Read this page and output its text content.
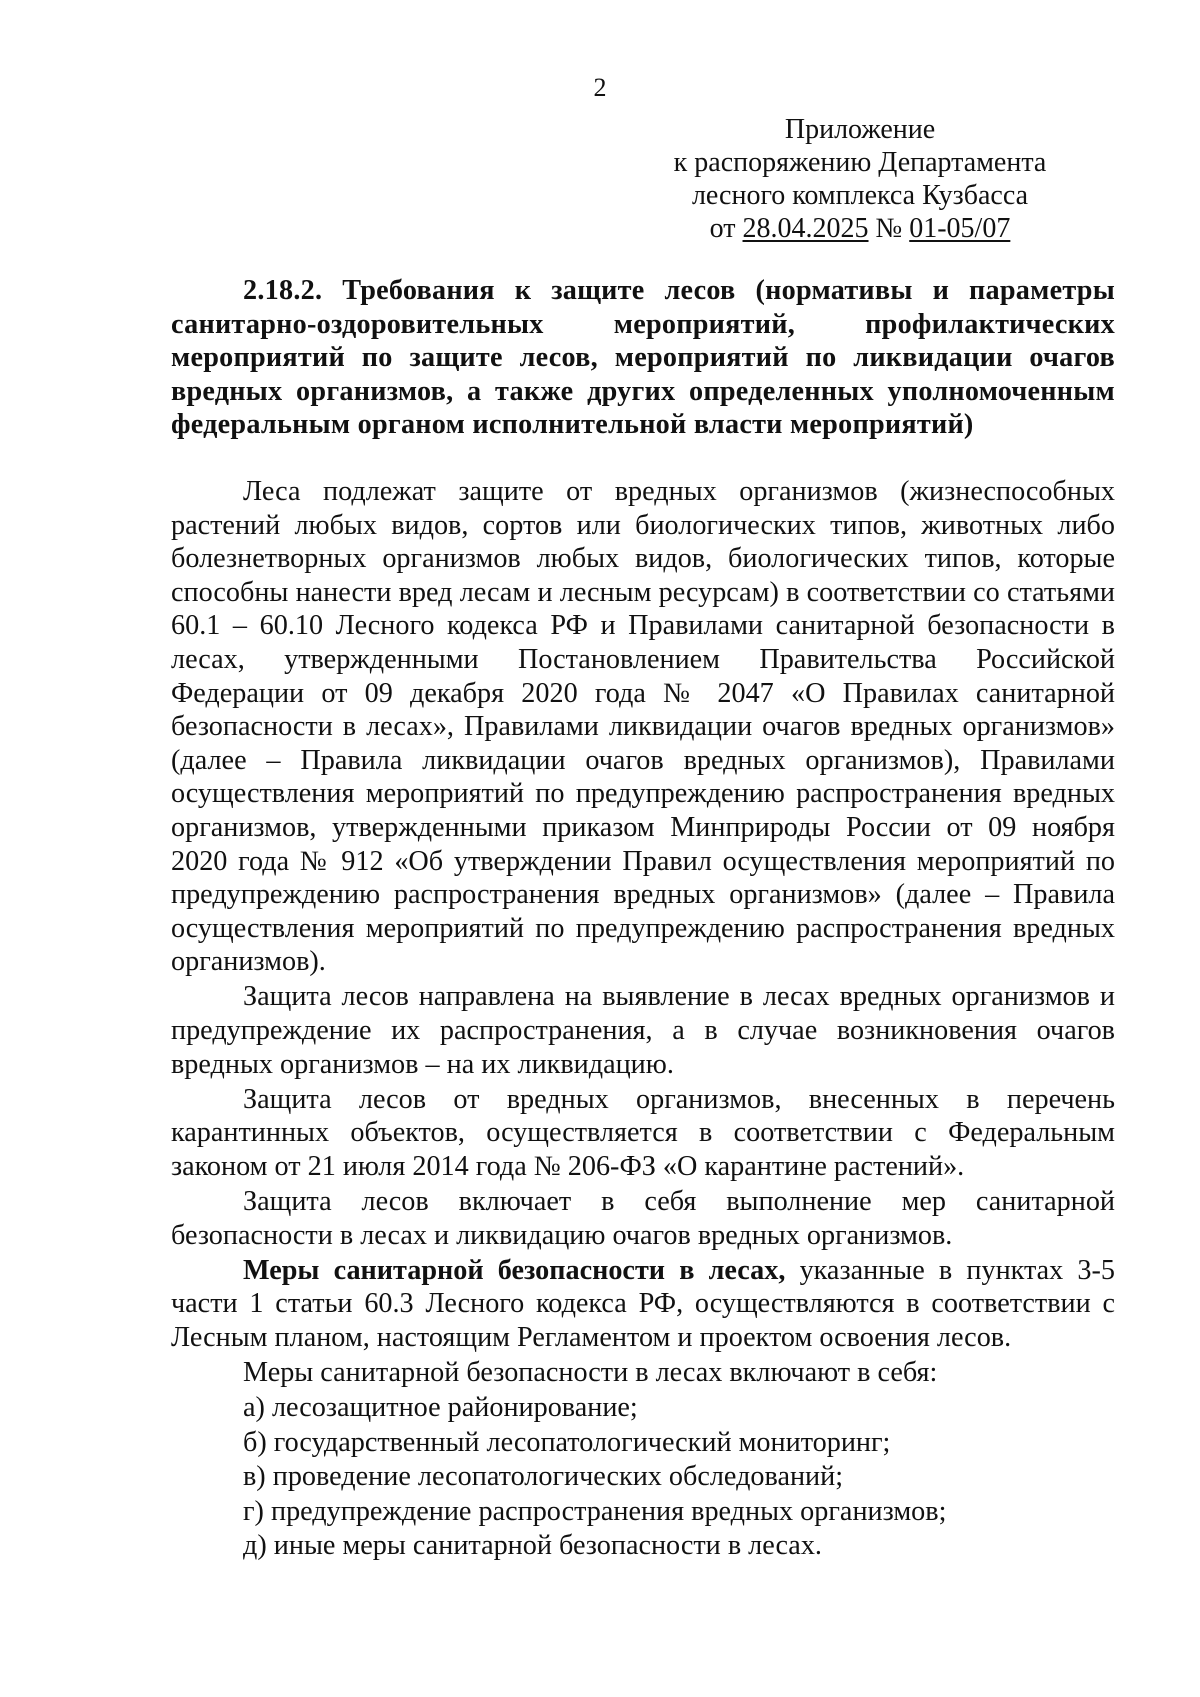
2
Приложение
к распоряжению Департамента
лесного комплекса Кузбасса
от 28.04.2025 № 01-05/07

2.18.2. Требования к защите лесов (нормативы и параметры санитарно-оздоровительных мероприятий, профилактических мероприятий по защите лесов, мероприятий по ликвидации очагов вредных организмов, а также других определенных уполномоченным федеральным органом исполнительной власти мероприятий)

Леса подлежат защите от вредных организмов (жизнеспособных растений любых видов, сортов или биологических типов, животных либо болезнетворных организмов любых видов, биологических типов, которые способны нанести вред лесам и лесным ресурсам) в соответствии со статьями 60.1 – 60.10 Лесного кодекса РФ и Правилами санитарной безопасности в лесах, утвержденными Постановлением Правительства Российской Федерации от 09 декабря 2020 года № 2047 «О Правилах санитарной безопасности в лесах», Правилами ликвидации очагов вредных организмов» (далее – Правила ликвидации очагов вредных организмов), Правилами осуществления мероприятий по предупреждению распространения вредных организмов, утвержденными приказом Минприроды России от 09 ноября 2020 года № 912 «Об утверждении Правил осуществления мероприятий по предупреждению распространения вредных организмов» (далее – Правила осуществления мероприятий по предупреждению распространения вредных организмов).

Защита лесов направлена на выявление в лесах вредных организмов и предупреждение их распространения, а в случае возникновения очагов вредных организмов – на их ликвидацию.

Защита лесов от вредных организмов, внесенных в перечень карантинных объектов, осуществляется в соответствии с Федеральным законом от 21 июля 2014 года № 206-ФЗ «О карантине растений».

Защита лесов включает в себя выполнение мер санитарной безопасности в лесах и ликвидацию очагов вредных организмов.

Меры санитарной безопасности в лесах, указанные в пунктах 3-5 части 1 статьи 60.3 Лесного кодекса РФ, осуществляются в соответствии с Лесным планом, настоящим Регламентом и проектом освоения лесов.

Меры санитарной безопасности в лесах включают в себя:

а) лесозащитное районирование;
б) государственный лесопатологический мониторинг;
в) проведение лесопатологических обследований;
г) предупреждение распространения вредных организмов;
д) иные меры санитарной безопасности в лесах.
